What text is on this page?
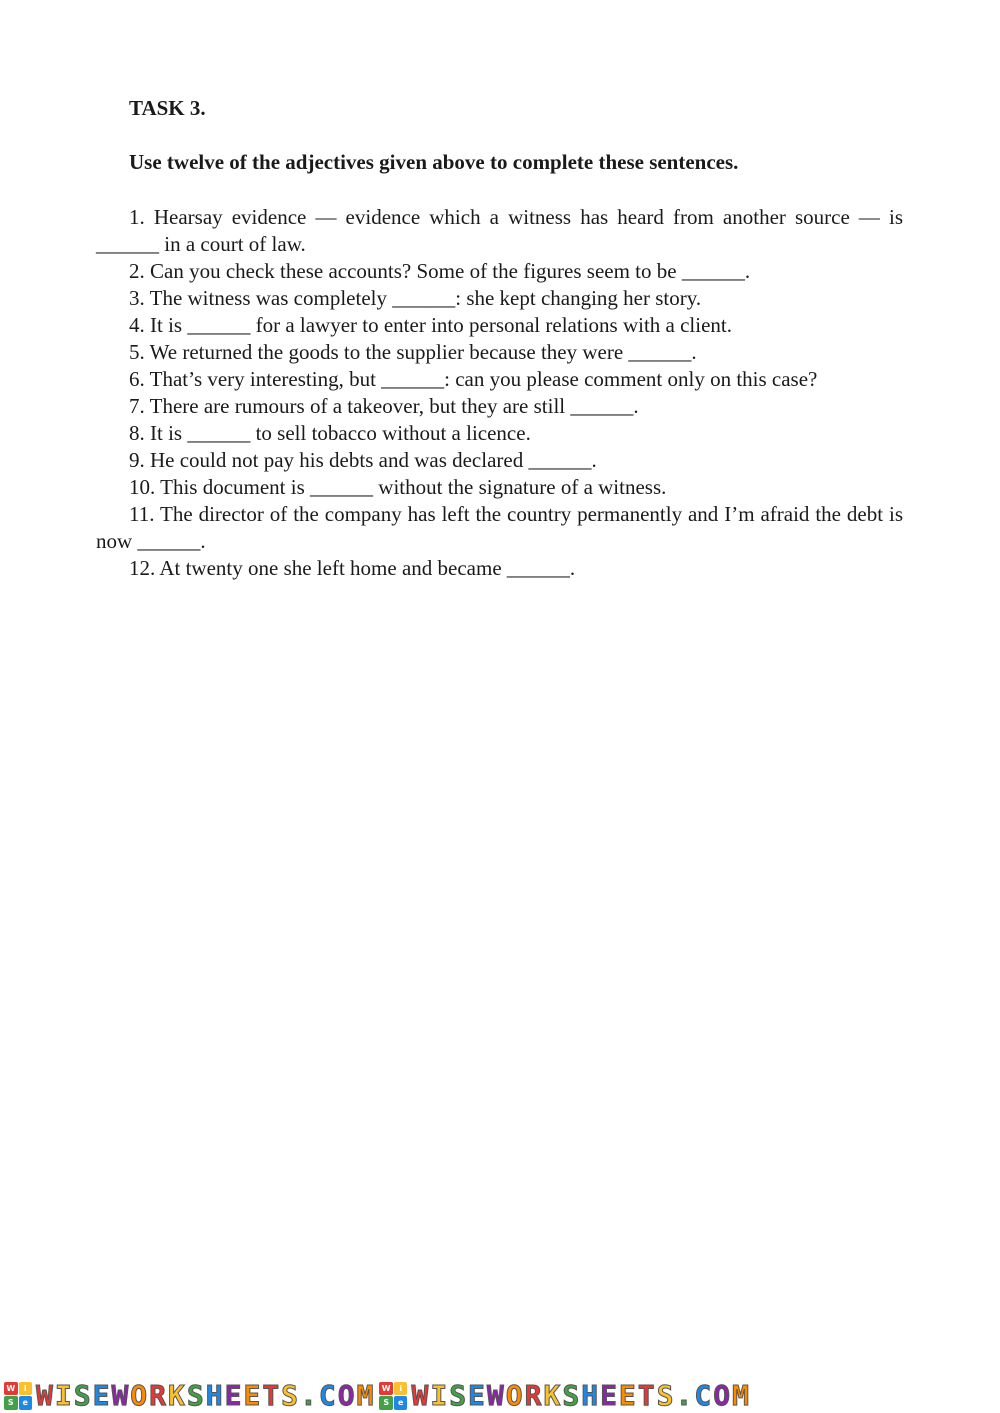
TASK 3.

Use twelve of the adjectives given above to complete these sentences.

1. Hearsay evidence — evidence which a witness has heard from another source — is ______ in a court of law.

2. Can you check these accounts? Some of the figures seem to be ______.

3. The witness was completely ______: she kept changing her story.

4. It is ______ for a lawyer to enter into personal relations with a client.

5. We returned the goods to the supplier because they were ______.

6. That’s very interesting, but ______: can you please comment only on this case?

7. There are rumours of a takeover, but they are still ______.

8. It is ______ to sell tobacco without a licence.

9. He could not pay his debts and was declared ______.

10. This document is ______ without the signature of a witness.

11. The director of the company has left the country permanently and I’m afraid the debt is now ______.

12. At twenty one she left home and became ______.

W	i
S	e WISEWORKSHEETS.COM W	i
S	e WISEWORKSHEETS.COM
